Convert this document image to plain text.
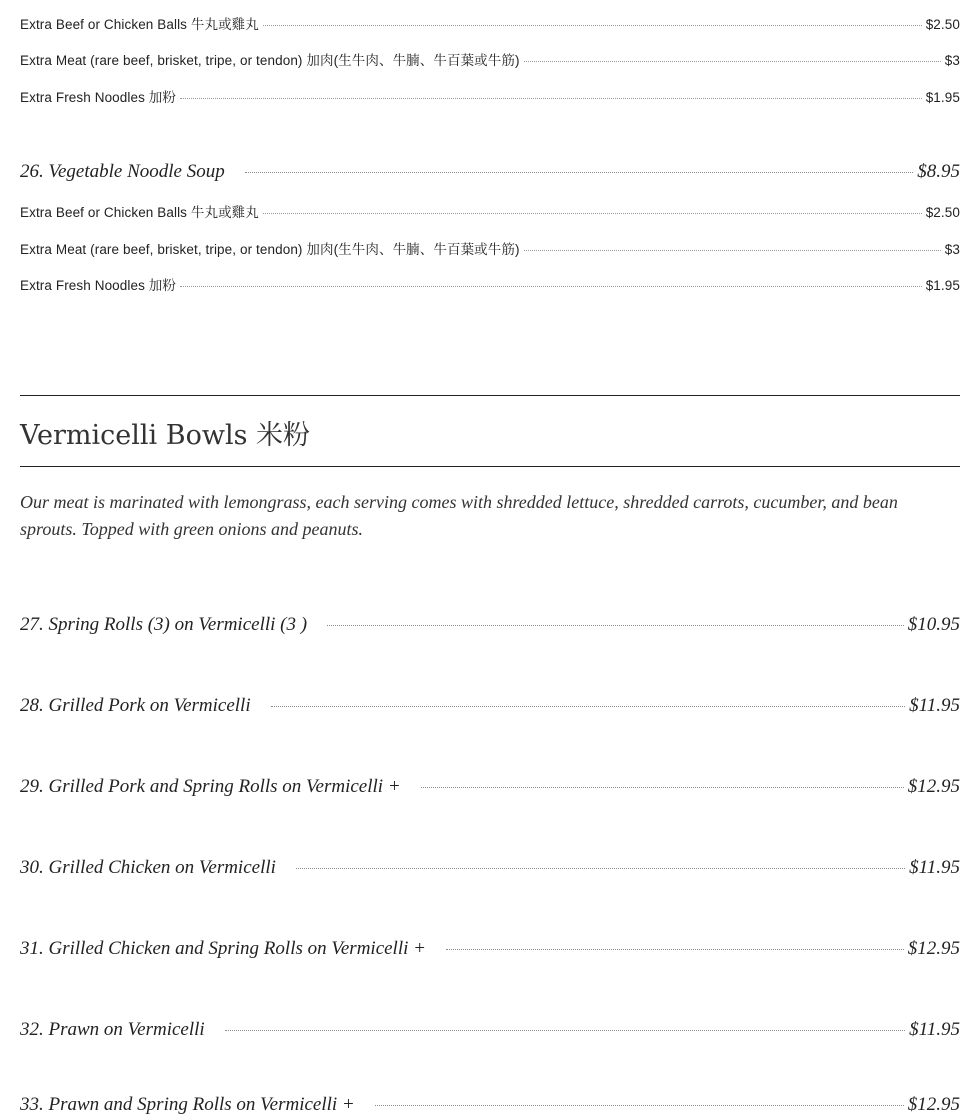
Extra Beef or Chicken Balls 牛丸或雞丸	$2.50
Extra Meat (rare beef, brisket, tripe, or tendon) 加肉(生牛肉、牛腩、牛百葉或牛筋)	$3
Extra Fresh Noodles 加粉	$1.95
26. Vegetable Noodle Soup	$8.95
Extra Beef or Chicken Balls 牛丸或雞丸	$2.50
Extra Meat (rare beef, brisket, tripe, or tendon) 加肉(生牛肉、牛腩、牛百葉或牛筋)	$3
Extra Fresh Noodles 加粉	$1.95
Vermicelli Bowls 米粉
Our meat is marinated with lemongrass, each serving comes with shredded lettuce, shredded carrots, cucumber, and bean sprouts. Topped with green onions and peanuts.
27. Spring Rolls (3) on Vermicelli (3 )	$10.95
28. Grilled Pork on Vermicelli	$11.95
29. Grilled Pork and Spring Rolls on Vermicelli +	$12.95
30. Grilled Chicken on Vermicelli	$11.95
31. Grilled Chicken and Spring Rolls on Vermicelli +	$12.95
32. Prawn on Vermicelli	$11.95
33. Prawn and Spring Rolls on Vermicelli +	$12.95
